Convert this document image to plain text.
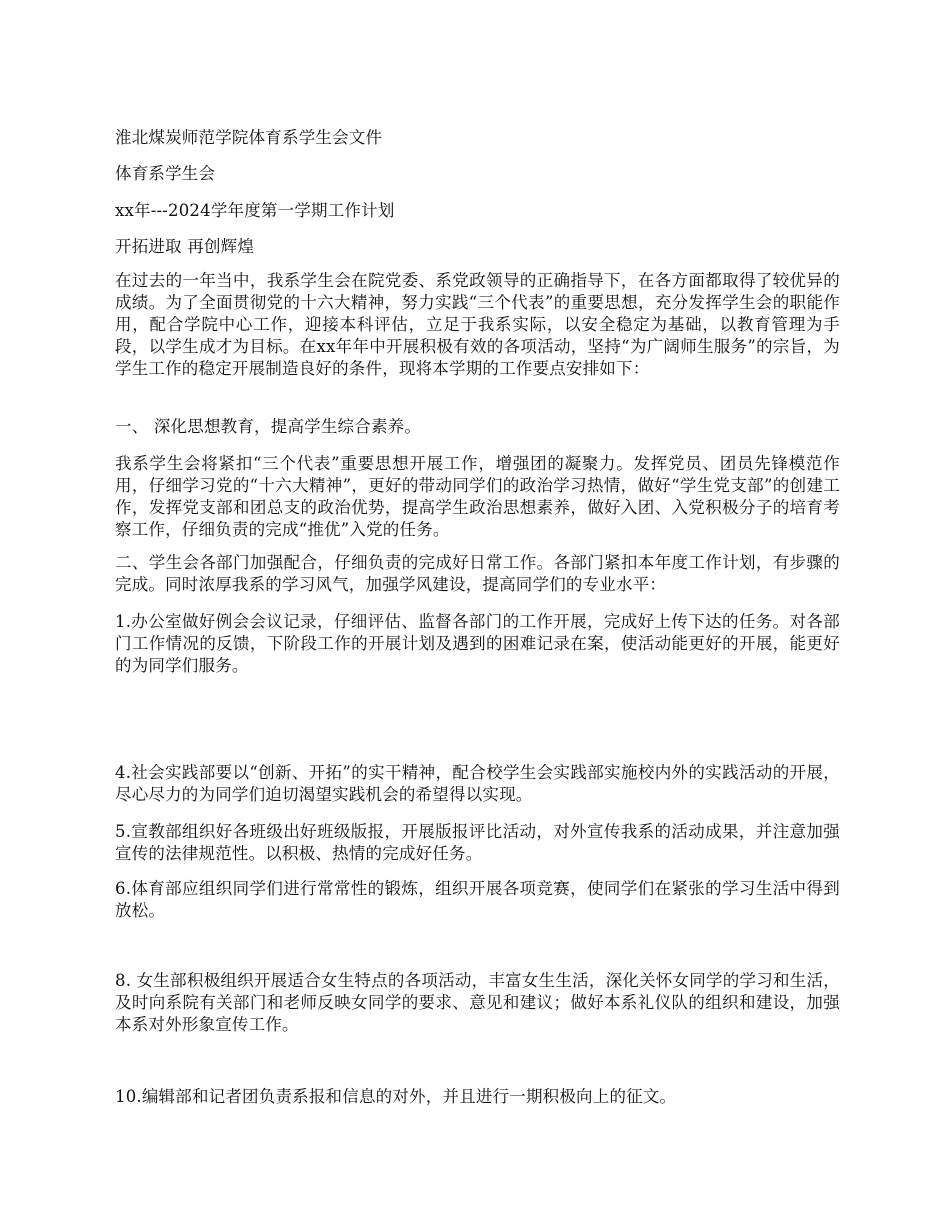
淮北煤炭师范学院体育系学生会文件
体育系学生会
xx年---2024学年度第一学期工作计划
开拓进取 再创辉煌
在过去的一年当中，我系学生会在院党委、系党政领导的正确指导下，在各方面都取得了较优异的成绩。为了全面贯彻党的十六大精神，努力实践“三个代表”的重要思想，充分发挥学生会的职能作用，配合学院中心工作，迎接本科评估，立足于我系实际，以安全稳定为基础，以教育管理为手段，以学生成才为目标。在xx年年中开展积极有效的各项活动，坚持“为广阔师生服务”的宗旨，为学生工作的稳定开展制造良好的条件，现将本学期的工作要点安排如下：
一、 深化思想教育，提高学生综合素养。
我系学生会将紧扣“三个代表”重要思想开展工作，增强团的凝聚力。发挥党员、团员先锋模范作用，仔细学习党的“十六大精神”，更好的带动同学们的政治学习热情，做好“学生党支部”的创建工作，发挥党支部和团总支的政治优势，提高学生政治思想素养，做好入团、入党积极分子的培育考察工作，仔细负责的完成“推优”入党的任务。
二、学生会各部门加强配合，仔细负责的完成好日常工作。各部门紧扣本年度工作计划，有步骤的完成。同时浓厚我系的学习风气，加强学风建设，提高同学们的专业水平：
1.办公室做好例会会议记录，仔细评估、监督各部门的工作开展，完成好上传下达的任务。对各部门工作情况的反馈，下阶段工作的开展计划及遇到的困难记录在案，使活动能更好的开展，能更好的为同学们服务。
4.社会实践部要以“创新、开拓”的实干精神，配合校学生会实践部实施校内外的实践活动的开展，尽心尽力的为同学们迫切渴望实践机会的希望得以实现。
5.宣教部组织好各班级出好班级版报，开展版报评比活动，对外宣传我系的活动成果，并注意加强宣传的法律规范性。以积极、热情的完成好任务。
6.体育部应组织同学们进行常常性的锻炼，组织开展各项竞赛，使同学们在紧张的学习生活中得到放松。
8. 女生部积极组织开展适合女生特点的各项活动，丰富女生生活，深化关怀女同学的学习和生活，及时向系院有关部门和老师反映女同学的要求、意见和建议；做好本系礼仪队的组织和建设，加强本系对外形象宣传工作。
10.编辑部和记者团负责系报和信息的对外，并且进行一期积极向上的征文。
